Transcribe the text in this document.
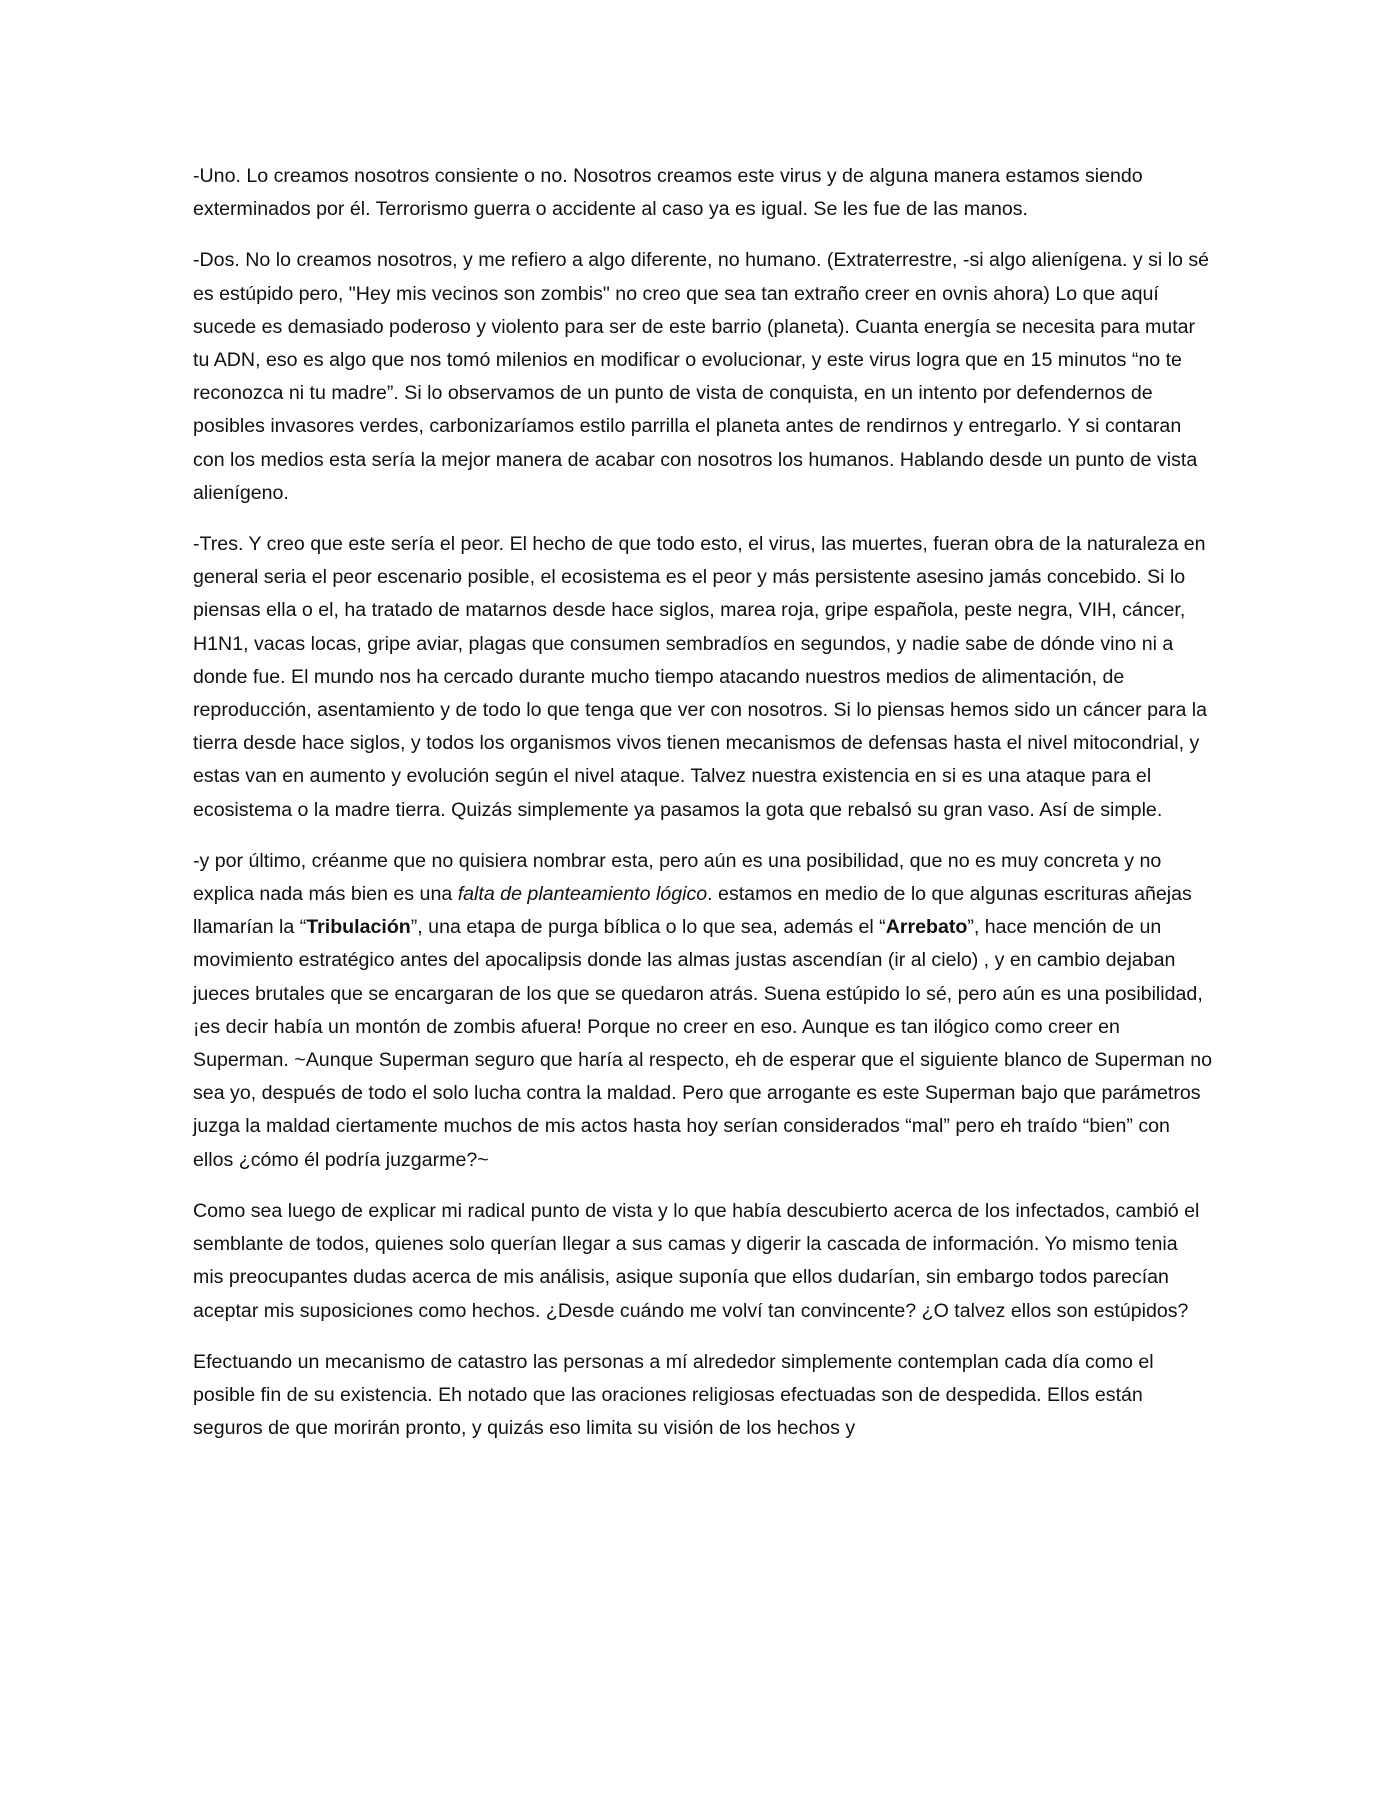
-Uno. Lo creamos nosotros consiente o no. Nosotros creamos este virus y de alguna manera estamos siendo exterminados por él. Terrorismo guerra o accidente al caso ya es igual. Se les fue de las manos.

-Dos. No lo creamos nosotros, y me refiero a algo diferente, no humano. (Extraterrestre, -si algo alienígena. y si lo sé es estúpido pero, "Hey mis vecinos son zombis" no creo que sea tan extraño creer en ovnis ahora) Lo que aquí sucede es demasiado poderoso y violento para ser de este barrio (planeta). Cuanta energía se necesita para mutar tu ADN, eso es algo que nos tomó milenios en modificar o evolucionar, y este virus logra que en 15 minutos “no te reconozca ni tu madre”. Si lo observamos de un punto de vista de conquista, en un intento por defendernos de posibles invasores verdes, carbonizaríamos estilo parrilla el planeta antes de rendirnos y entregarlo. Y si contaran con los medios esta sería la mejor manera de acabar con nosotros los humanos. Hablando desde un punto de vista alienígeno.

-Tres. Y creo que este sería el peor. El hecho de que todo esto, el virus, las muertes, fueran obra de la naturaleza en general seria el peor escenario posible, el ecosistema es el peor y más persistente asesino jamás concebido. Si lo piensas ella o el, ha tratado de matarnos desde hace siglos, marea roja, gripe española, peste negra, VIH, cáncer, H1N1, vacas locas, gripe aviar, plagas que consumen sembradíos en segundos, y nadie sabe de dónde vino ni a donde fue. El mundo nos ha cercado durante mucho tiempo atacando nuestros medios de alimentación, de reproducción, asentamiento y de todo lo que tenga que ver con nosotros. Si lo piensas hemos sido un cáncer para la tierra desde hace siglos, y todos los organismos vivos tienen mecanismos de defensas hasta el nivel mitocondrial, y estas van en aumento y evolución según el nivel ataque. Talvez nuestra existencia en si es una ataque para el ecosistema o la madre tierra. Quizás simplemente ya pasamos la gota que rebalsó su gran vaso. Así de simple.

-y por último, créanme que no quisiera nombrar esta, pero aún es una posibilidad, que no es muy concreta y no explica nada más bien es una falta de planteamiento lógico. estamos en medio de lo que algunas escrituras añejas llamarían la “Tribulación”, una etapa de purga bíblica o lo que sea, además el “Arrebato”, hace mención de un movimiento estratégico antes del apocalipsis donde las almas justas ascendían (ir al cielo) , y en cambio dejaban jueces brutales que se encargaran de los que se quedaron atrás. Suena estúpido lo sé, pero aún es una posibilidad, ¡es decir había un montón de zombis afuera! Porque no creer en eso. Aunque es tan ilógico como creer en Superman. ~Aunque Superman seguro que haría al respecto, eh de esperar que el siguiente blanco de Superman no sea yo, después de todo el solo lucha contra la maldad. Pero que arrogante es este Superman bajo que parámetros juzga la maldad ciertamente muchos de mis actos hasta hoy serían considerados “mal” pero eh traído “bien” con ellos ¿cómo él podría juzgarme?~

Como sea luego de explicar mi radical punto de vista y lo que había descubierto acerca de los infectados, cambió el semblante de todos, quienes solo querían llegar a sus camas y digerir la cascada de información. Yo mismo tenia mis preocupantes dudas acerca de mis análisis, asique suponía que ellos dudarían, sin embargo todos parecían aceptar mis suposiciones como hechos. ¿Desde cuándo me volví tan convincente? ¿O talvez ellos son estúpidos?

Efectuando un mecanismo de catastro las personas a mí alrededor simplemente contemplan cada día como el posible fin de su existencia. Eh notado que las oraciones religiosas efectuadas son de despedida. Ellos están seguros de que morirán pronto, y quizás eso limita su visión de los hechos y
